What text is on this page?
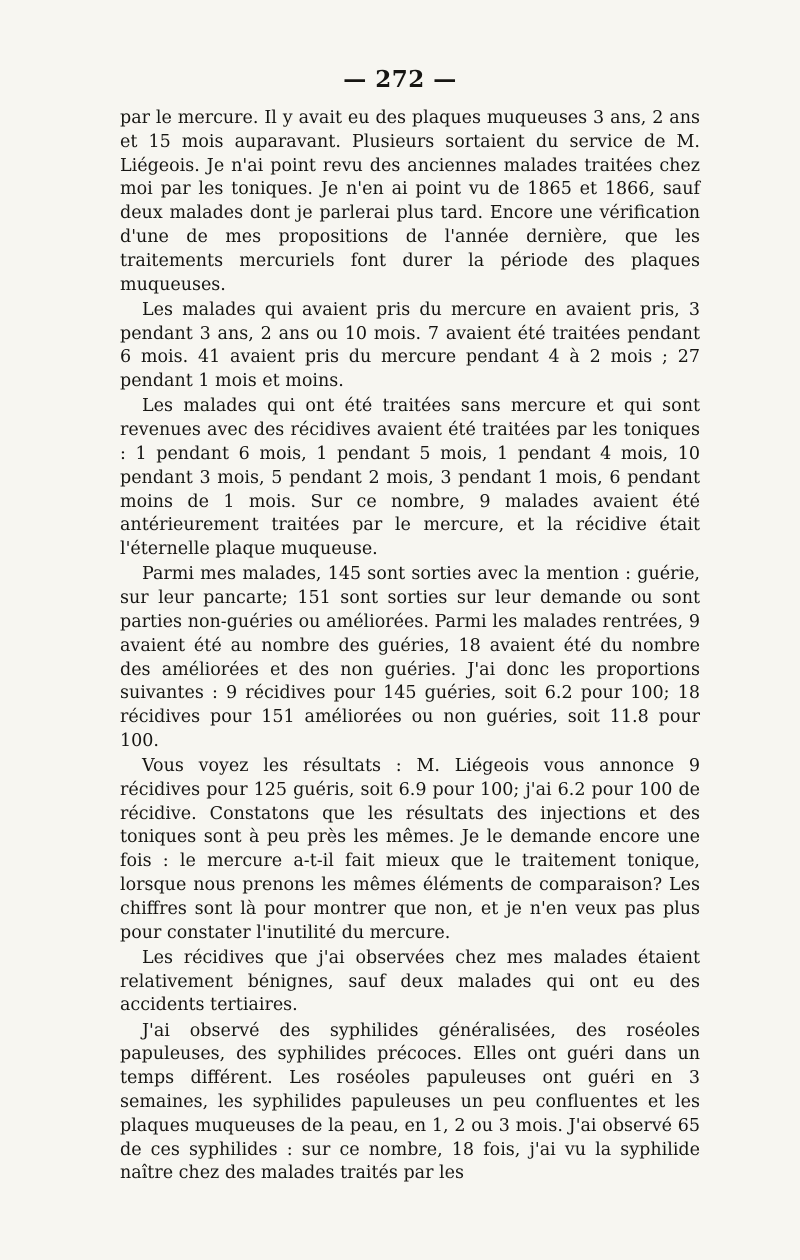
— 272 —

par le mercure. Il y avait eu des plaques muqueuses 3 ans, 2 ans et 15 mois auparavant. Plusieurs sortaient du service de M. Liégeois. Je n'ai point revu des anciennes malades traitées chez moi par les toniques. Je n'en ai point vu de 1865 et 1866, sauf deux malades dont je parlerai plus tard. Encore une vérification d'une de mes propositions de l'année dernière, que les traitements mercuriels font durer la période des plaques muqueuses.

Les malades qui avaient pris du mercure en avaient pris, 3 pendant 3 ans, 2 ans ou 10 mois. 7 avaient été traitées pendant 6 mois. 41 avaient pris du mercure pendant 4 à 2 mois ; 27 pendant 1 mois et moins.

Les malades qui ont été traitées sans mercure et qui sont revenues avec des récidives avaient été traitées par les toniques : 1 pendant 6 mois, 1 pendant 5 mois, 1 pendant 4 mois, 10 pendant 3 mois, 5 pendant 2 mois, 3 pendant 1 mois, 6 pendant moins de 1 mois. Sur ce nombre, 9 malades avaient été antérieurement traitées par le mercure, et la récidive était l'éternelle plaque muqueuse.

Parmi mes malades, 145 sont sorties avec la mention : guérie, sur leur pancarte; 151 sont sorties sur leur demande ou sont parties non-guéries ou améliorées. Parmi les malades rentrées, 9 avaient été au nombre des guéries, 18 avaient été du nombre des améliorées et des non guéries. J'ai donc les proportions suivantes : 9 récidives pour 145 guéries, soit 6.2 pour 100; 18 récidives pour 151 améliorées ou non guéries, soit 11.8 pour 100.

Vous voyez les résultats : M. Liégeois vous annonce 9 récidives pour 125 guéris, soit 6.9 pour 100; j'ai 6.2 pour 100 de récidive. Constatons que les résultats des injections et des toniques sont à peu près les mêmes. Je le demande encore une fois : le mercure a-t-il fait mieux que le traitement tonique, lorsque nous prenons les mêmes éléments de comparaison? Les chiffres sont là pour montrer que non, et je n'en veux pas plus pour constater l'inutilité du mercure.

Les récidives que j'ai observées chez mes malades étaient relativement bénignes, sauf deux malades qui ont eu des accidents tertiaires.

J'ai observé des syphilides généralisées, des roséoles papuleuses, des syphilides précoces. Elles ont guéri dans un temps différent. Les roséoles papuleuses ont guéri en 3 semaines, les syphilides papuleuses un peu confluentes et les plaques muqueuses de la peau, en 1, 2 ou 3 mois. J'ai observé 65 de ces syphilides : sur ce nombre, 18 fois, j'ai vu la syphilide naître chez des malades traités par les
